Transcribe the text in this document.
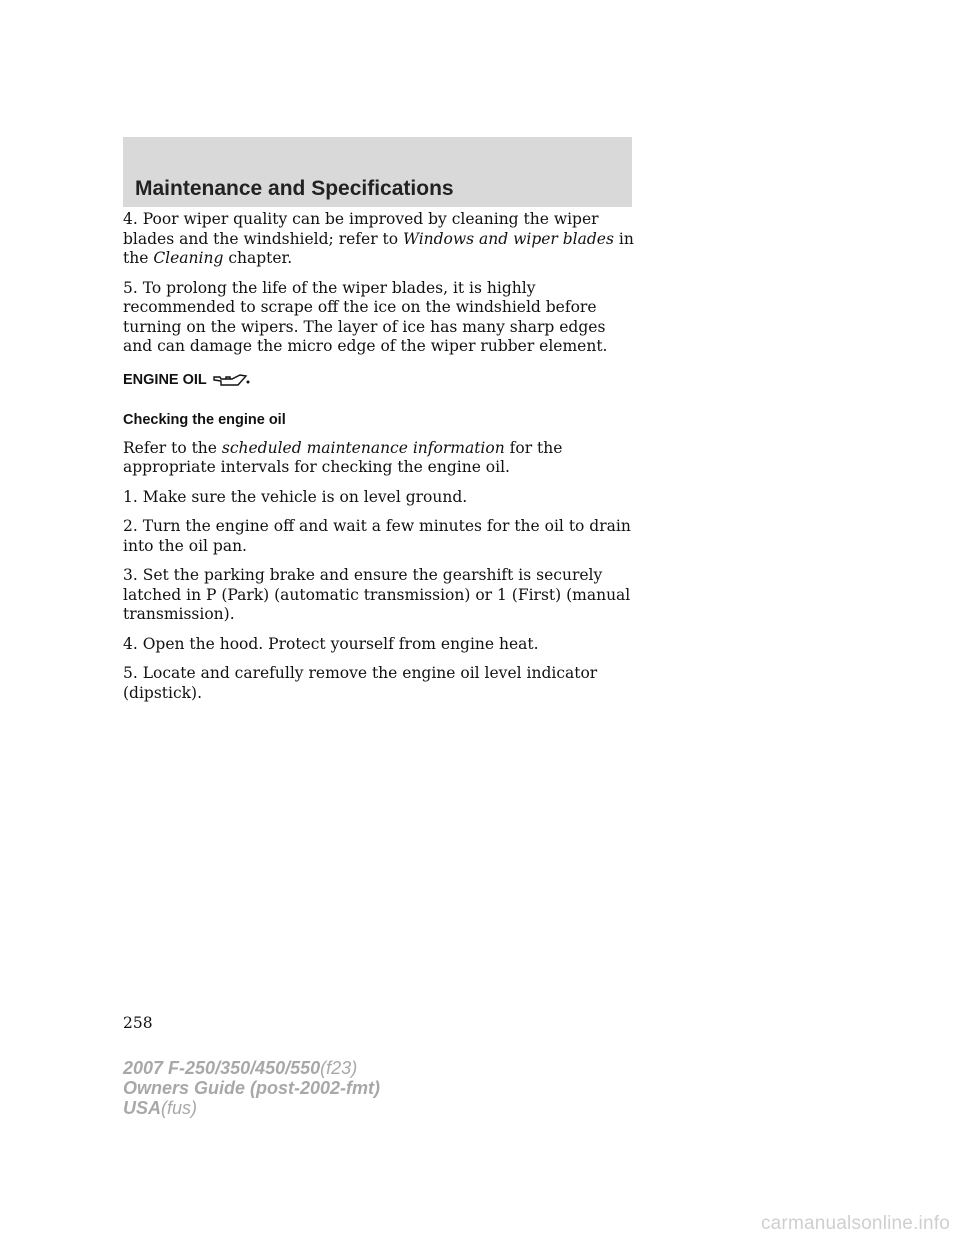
Maintenance and Specifications

4. Poor wiper quality can be improved by cleaning the wiper blades and the windshield; refer to Windows and wiper blades in the Cleaning chapter.

5. To prolong the life of the wiper blades, it is highly recommended to scrape off the ice on the windshield before turning on the wipers. The layer of ice has many sharp edges and can damage the micro edge of the wiper rubber element.

ENGINE OIL
Checking the engine oil

Refer to the scheduled maintenance information for the appropriate intervals for checking the engine oil.

1. Make sure the vehicle is on level ground.

2. Turn the engine off and wait a few minutes for the oil to drain into the oil pan.

3. Set the parking brake and ensure the gearshift is securely latched in P (Park) (automatic transmission) or 1 (First) (manual transmission).

4. Open the hood. Protect yourself from engine heat.

5. Locate and carefully remove the engine oil level indicator (dipstick).

258
2007 F-250/350/450/550(f23)
Owners Guide (post-2002-fmt)
USA(fus)
carmanualsonline.info
